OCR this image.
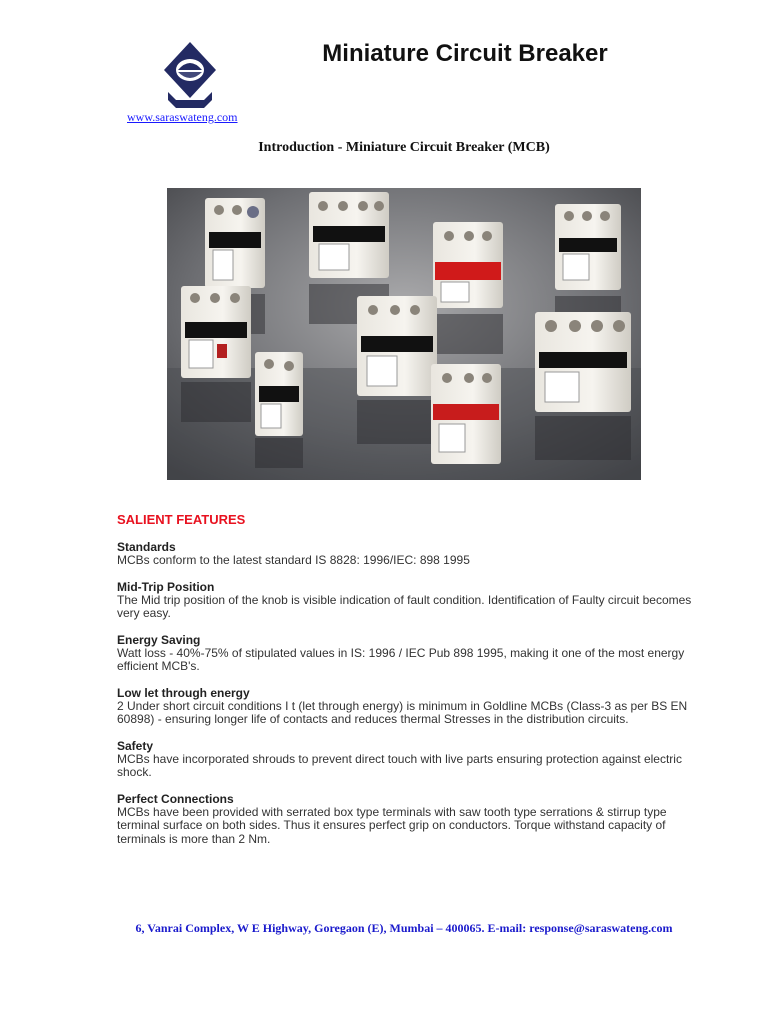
Miniature Circuit Breaker
www.saraswateng.com
Introduction - Miniature Circuit Breaker (MCB)
SALIENT FEATURES
Standards

MCBs conform to the latest standard IS 8828: 1996/IEC: 898 1995

Mid-Trip Position

The Mid trip position of the knob is visible indication of fault condition. Identification of Faulty circuit becomes very easy.

Energy Saving

Watt loss - 40%-75% of stipulated values in IS: 1996 / IEC Pub 898 1995, making it one of the most energy efficient MCB's.

Low let through energy

2 Under short circuit conditions I t (let through energy) is minimum in Goldline MCBs (Class-3 as per BS EN 60898) - ensuring longer life of contacts and reduces thermal Stresses in the distribution circuits.

Safety

MCBs have incorporated shrouds to prevent direct touch with live parts ensuring protection against electric shock.

Perfect Connections

MCBs have been provided with serrated box type terminals with saw tooth type serrations & stirrup type terminal surface on both sides. Thus it ensures perfect grip on conductors. Torque withstand capacity of terminals is more than 2 Nm.

6, Vanrai Complex, W E Highway, Goregaon (E), Mumbai – 400065. E-mail: response@saraswateng.com
